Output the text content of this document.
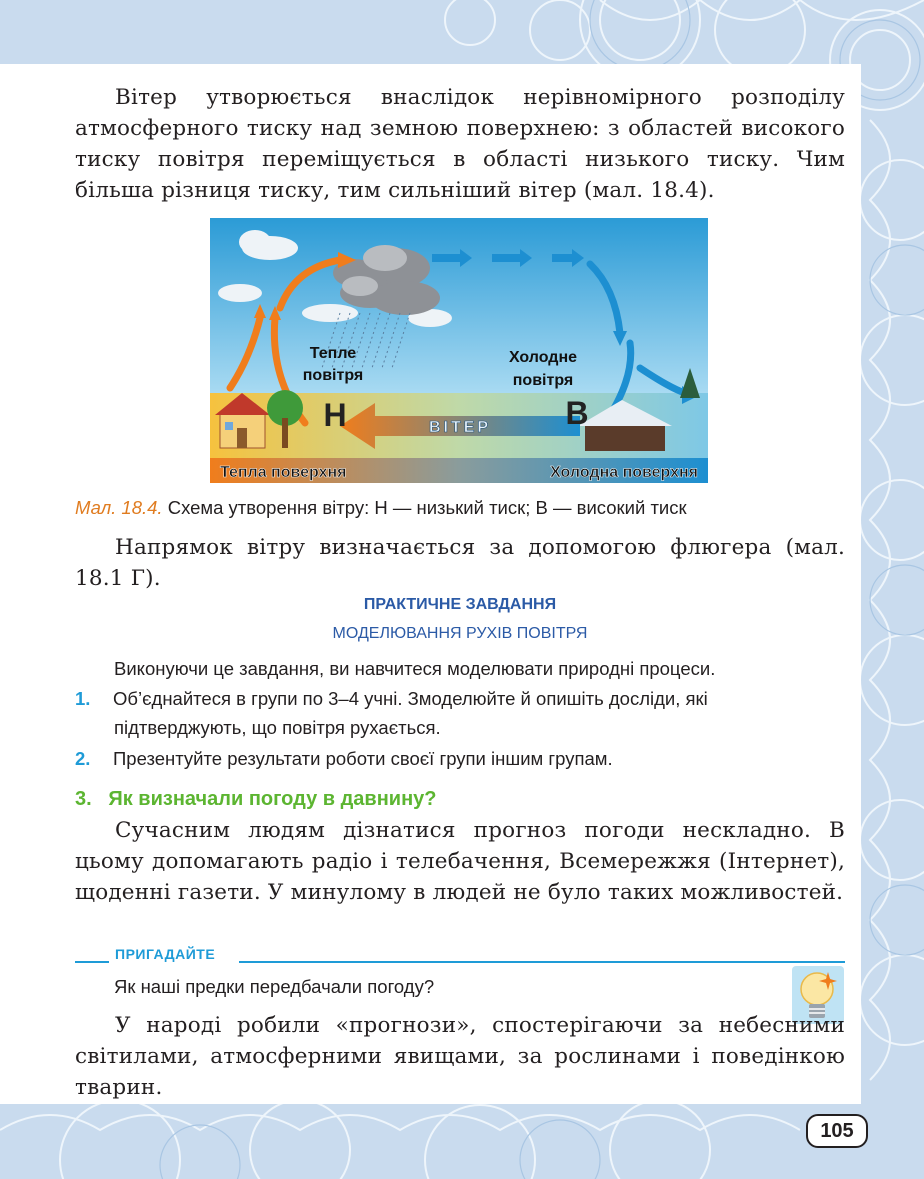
Вітер утворюється внаслідок нерівномірного розподілу атмосферного тиску над земною поверхнею: з областей високого тиску повітря переміщується в області низького тиску. Чим більша різниця тиску, тим сильніший вітер (мал. 18.4).
ВІТЕР
Н	В
Тепле
повітря
Холодне
повітря
Тепла поверхня	Холодна поверхня
Мал. 18.4. Схема утворення вітру: Н — низький тиск; В — високий тиск
Напрямок вітру визначається за допомогою флюгера (мал. 18.1 Г).
ПРАКТИЧНЕ ЗАВДАННЯ
МОДЕЛЮВАННЯ РУХІВ ПОВІТРЯ
Виконуючи це завдання, ви навчитеся моделювати природні процеси.
1. Об’єднайтеся в групи по 3–4 учні. Змоделюйте й опишіть досліди, які
підтверджують, що повітря рухається.
2. Презентуйте результати роботи своєї групи іншим групам.
3.   Як визначали погоду в давнину?
Сучасним людям дізнатися прогноз погоди нескладно. В цьому допомагають радіо і телебачення, Всемережжя (Інтернет), щоденні газети. У минулому в людей не було таких можливостей.
ПРИГАДАЙТЕ
Як наші предки передбачали погоду?
У народі робили «прогнози», спостерігаючи за небесними світилами, атмосферними явищами, за рослинами і поведінкою тварин.
105
